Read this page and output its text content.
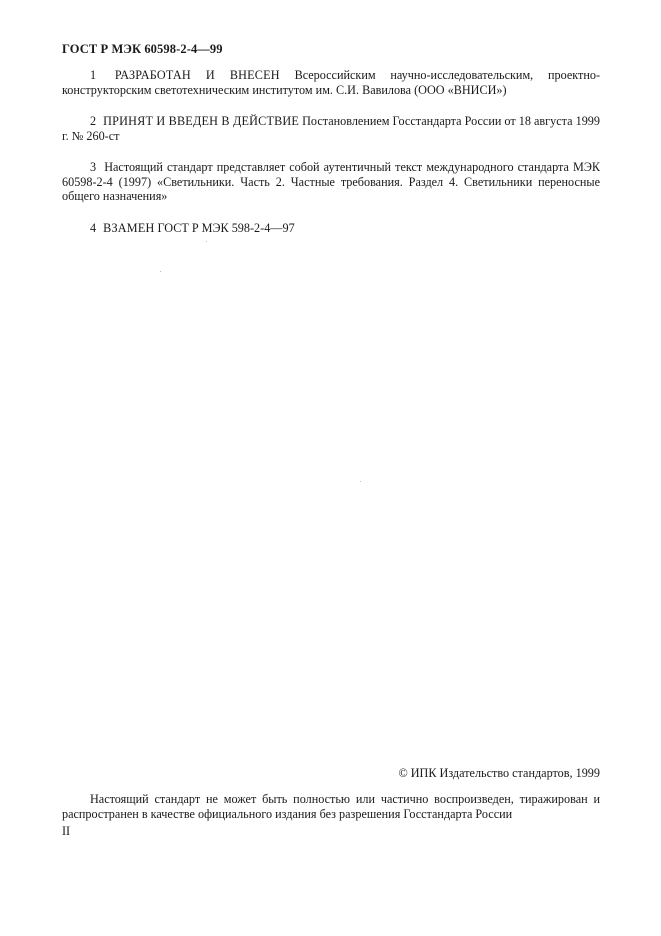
ГОСТ Р МЭК 60598-2-4—99

1 РАЗРАБОТАН И ВНЕСЕН Всероссийским научно-исследовательским, проектно-конструкторским светотехническим институтом им. С.И. Вавилова (ООО «ВНИСИ»)

2 ПРИНЯТ И ВВЕДЕН В ДЕЙСТВИЕ Постановлением Госстандарта России от 18 августа 1999 г. № 260-ст

3 Настоящий стандарт представляет собой аутентичный текст международного стандарта МЭК 60598-2-4 (1997) «Светильники. Часть 2. Частные требования. Раздел 4. Светильники переносные общего назначения»

4 ВЗАМЕН ГОСТ Р МЭК 598-2-4—97

© ИПК Издательство стандартов, 1999
Настоящий стандарт не может быть полностью или частично воспроизведен, тиражирован и распространен в качестве официального издания без разрешения Госстандарта России
II
